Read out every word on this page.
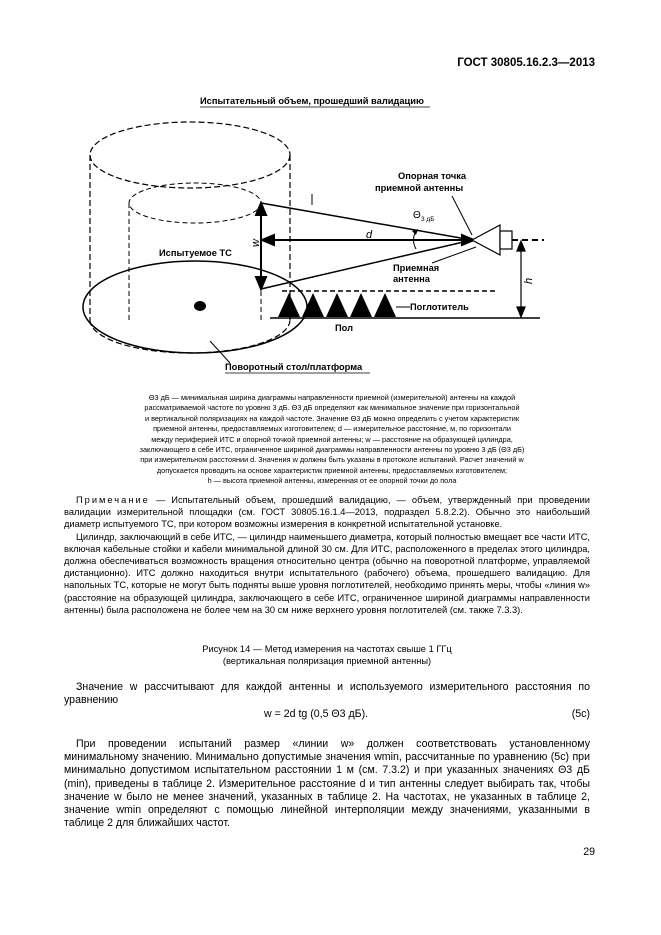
ГОСТ 30805.16.2.3—2013
Испытательный объем, прошедший валидацию
Опорная точка
приемной антенны
Θ 3 дБ
d
w
h
Испытуемое ТС
Приемная
антенна
Поглотитель
Пол
Поворотный стол/платформа
Θ3 дБ — минимальная ширина диаграммы направленности приемной (измерительной) антенны на каждой
рассматриваемой частоте по уровню 3 дБ. Θ3 дБ определяют как минимальное значение при горизонтальной
и вертикальной поляризациях на каждой частоте. Значение Θ3 дБ можно определить с учетом характеристик
приемной антенны, предоставляемых изготовителем; d — измерительное расстояние, м, по горизонтали
между периферией ИТС и опорной точкой приемной антенны; w — расстояние на образующей цилиндра,
заключающего в себе ИТС, ограниченное шириной диаграммы направленности антенны по уровню 3 дБ (Θ3 дБ)
при измерительном расстоянии d. Значения w должны быть указаны в протоколе испытаний. Расчет значений w
допускается проводить на основе характеристик приемной антенны, предоставляемых изготовителем;
h — высота приемной антенны, измеренная от ее опорной точки до пола

Примечание — Испытательный объем, прошедший валидацию, — объем, утвержденный при проведении валидации измерительной площадки (см. ГОСТ 30805.16.1.4—2013, подраздел 5.8.2.2). Обычно это наибольший диаметр испытуемого ТС, при котором возможны измерения в конкретной испытательной установке.

Цилиндр, заключающий в себе ИТС, — цилиндр наименьшего диаметра, который полностью вмещает все части ИТС, включая кабельные стойки и кабели минимальной длиной 30 см. Для ИТС, расположенного в пределах этого цилиндра, должна обеспечиваться возможность вращения относительно центра (обычно на поворотной платформе, управляемой дистанционно). ИТС должно находиться внутри испытательного (рабочего) объема, прошедшего валидацию. Для напольных ТС, которые не могут быть подняты выше уровня поглотителей, необходимо принять меры, чтобы «линия w» (расстояние на образующей цилиндра, заключающего в себе ИТС, ограниченное шириной диаграммы направленности антенны) была расположена не более чем на 30 см ниже верхнего уровня поглотителей (см. также 7.3.3).

Рисунок 14 — Метод измерения на частотах свыше 1 ГГц
(вертикальная поляризация приемной антенны)

Значение w рассчитывают для каждой антенны и используемого измерительного расстояния по уравнению

w = 2d tg (0,5 Θ3 дБ).	(5c)

При проведении испытаний размер «линии w» должен соответствовать установленному минимальному значению. Минимально допустимые значения wmin, рассчитанные по уравнению (5c) при минимально допустимом испытательном расстоянии 1 м (см. 7.3.2) и при указанных значениях Θ3 дБ (min), приведены в таблице 2. Измерительное расстояние d и тип антенны следует выбирать так, чтобы значение w было не менее значений, указанных в таблице 2. На частотах, не указанных в таблице 2, значение wmin определяют с помощью линейной интерполяции между значениями, указанными в таблице 2 для ближайших частот.

29
